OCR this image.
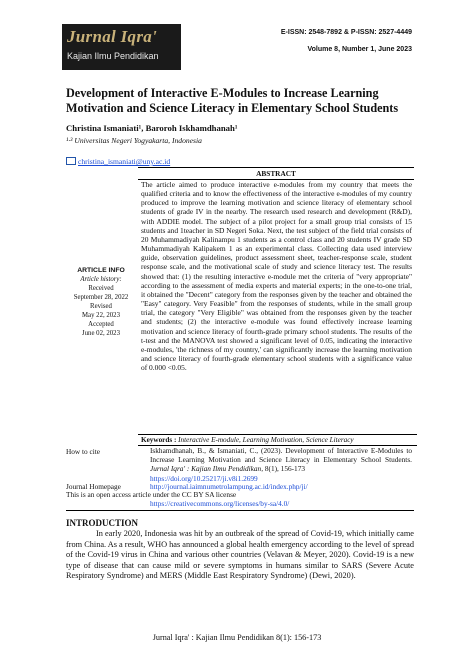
Jurnal Iqra'
Kajian Ilmu Pendidikan
E-ISSN: 2548-7892 & P-ISSN: 2527-4449
Volume 8, Number 1, June 2023
Development of Interactive E-Modules to Increase Learning Motivation and Science Literacy in Elementary School Students
Christina Ismaniati¹, Baroroh Iskhamdhanah¹
¹·³ Universitas Negeri Yogyakarta, Indonesia
christina_ismaniati@uny.ac.id
ARTICLE INFO
Article history:
Received
September 28, 2022
Revised
May 22, 2023
Accepted
June 02, 2023
ABSTRACT
The article aimed to produce interactive e-modules from my country that meets the qualified criteria and to know the effectiveness of the interactive e-modules of my country produced to improve the learning motivation and science literacy of elementary school students of grade IV in the nearby. The research used research and development (R&D), with ADDIE model. The subject of a pilot project for a small group trial consists of 15 students and 1teacher in SD Negeri Soka. Next, the test subject of the field trial consists of 20 Muhammadiyah Kalinampu 1 students as a control class and 20 students IV grade SD Muhammadiyah Kalipakem 1 as an experimental class. Collecting data used interview guide, observation guidelines, product assessment sheet, teacher-response scale, student response scale, and the motivational scale of study and science literacy test. The results showed that: (1) the resulting interactive e-module met the criteria of "very appropriate" according to the assessment of media experts and material experts; in the one-to-one trial, it obtained the "Decent" category from the responses given by the teacher and obtained the "Easy" category. Very Feasible" from the responses of students, while in the small group trial, the category "Very Eligible" was obtained from the responses given by the teacher and students; (2) the interactive e-module was found effectively increase learning motivation and science literacy of fourth-grade primary school students. The results of the t-test and the MANOVA test showed a significant level of 0.05, indicating the interactive e-modules, 'the richness of my country,' can significantly increase the learning motivation and science literacy of fourth-grade elementary school students with a significance value of 0.000 <0.05.
Keywords : Interactive E-module, Learning Motivation, Science Literacy
How to cite	Iskhamdhanah, B., & Ismaniati, C., (2023). Development of Interactive E-Modules to Increase Learning Motivation and Science Literacy in Elementary School Students. Jurnal Iqra' : Kajian Ilmu Pendidikan, 8(1), 156-173
https://doi.org/10.25217/ji.v8i1.2699
Journal Homepage	http://journal.iaimnumetrolampung.ac.id/index.php/ji/
This is an open access article under the CC BY SA license
https://creativecommons.org/licenses/by-sa/4.0/
INTRODUCTION
In early 2020, Indonesia was hit by an outbreak of the spread of Covid-19, which initially came from China. As a result, WHO has announced a global health emergency according to the level of spread of the Covid-19 virus in China and various other countries (Velavan & Meyer, 2020). Covid-19 is a new type of disease that can cause mild or severe symptoms in humans similar to SARS (Severe Acute Respiratory Syndrome) and MERS (Middle East Respiratory Syndrome) (Dewi, 2020).
Jurnal Iqra' : Kajian Ilmu Pendidikan 8(1): 156-173
